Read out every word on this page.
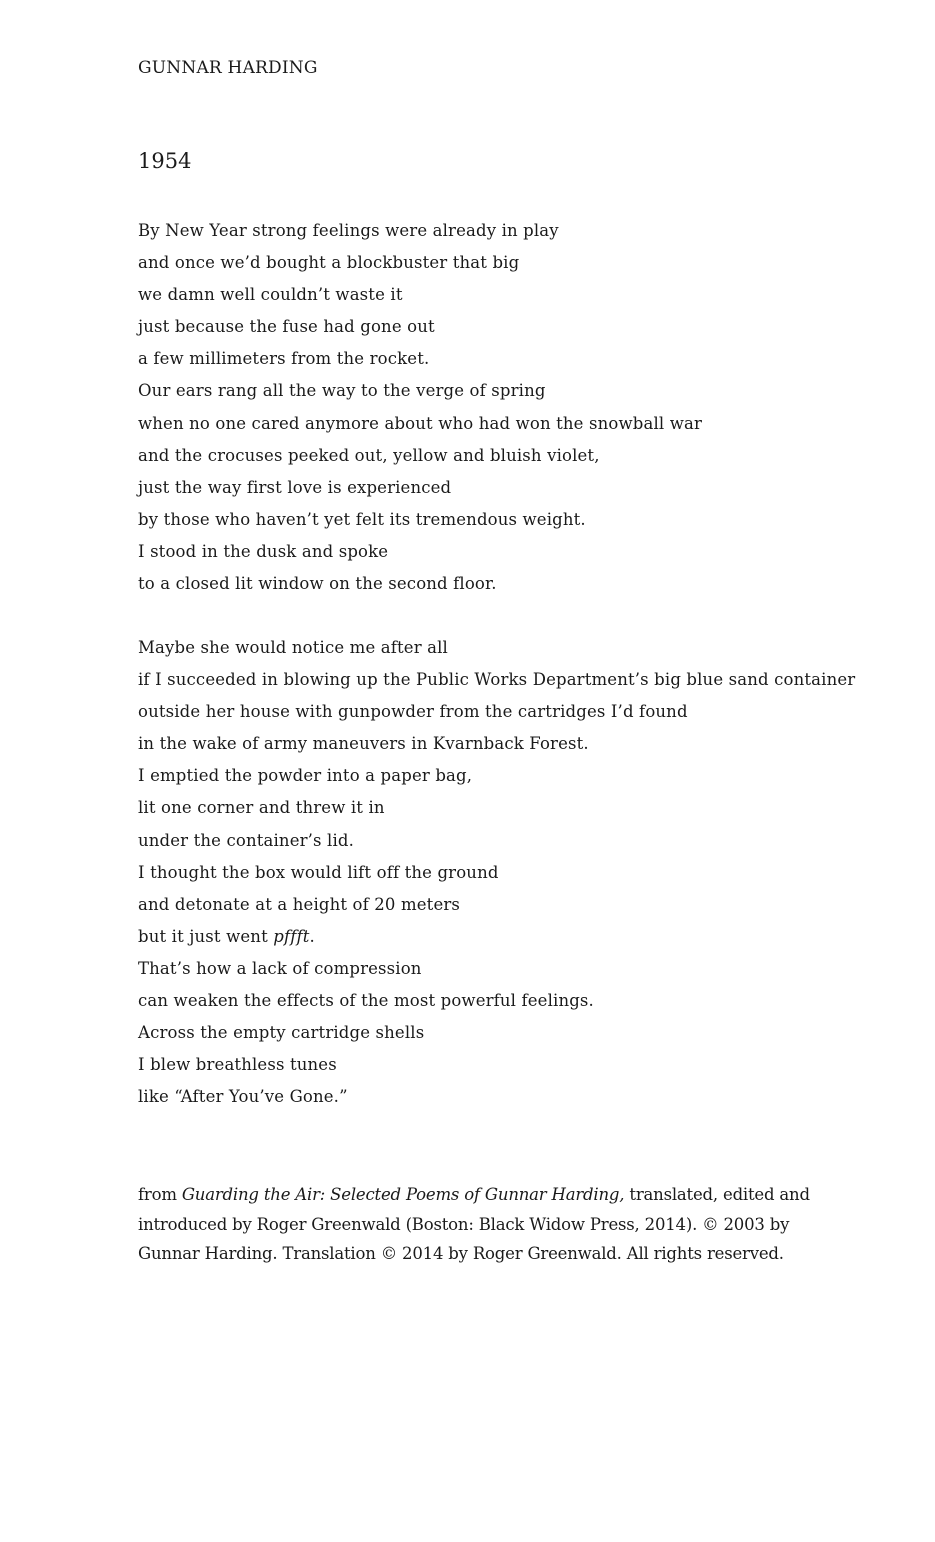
GUNNAR HARDING
1954
By New Year strong feelings were already in play
and once we’d bought a blockbuster that big
we damn well couldn’t waste it
just because the fuse had gone out
a few millimeters from the rocket.
Our ears rang all the way to the verge of spring
when no one cared anymore about who had won the snowball war
and the crocuses peeked out, yellow and bluish violet,
just the way first love is experienced
by those who haven’t yet felt its tremendous weight.
I stood in the dusk and spoke
to a closed lit window on the second floor.
Maybe she would notice me after all
if I succeeded in blowing up the Public Works Department’s big blue sand container
outside her house with gunpowder from the cartridges I’d found
in the wake of army maneuvers in Kvarnback Forest.
I emptied the powder into a paper bag,
lit one corner and threw it in
under the container’s lid.
I thought the box would lift off the ground
and detonate at a height of 20 meters
but it just went pffft.
That’s how a lack of compression
can weaken the effects of the most powerful feelings.
Across the empty cartridge shells
I blew breathless tunes
like “After You’ve Gone.”
from Guarding the Air: Selected Poems of Gunnar Harding, translated, edited and
introduced by Roger Greenwald (Boston: Black Widow Press, 2014). © 2003 by
Gunnar Harding. Translation © 2014 by Roger Greenwald. All rights reserved.
